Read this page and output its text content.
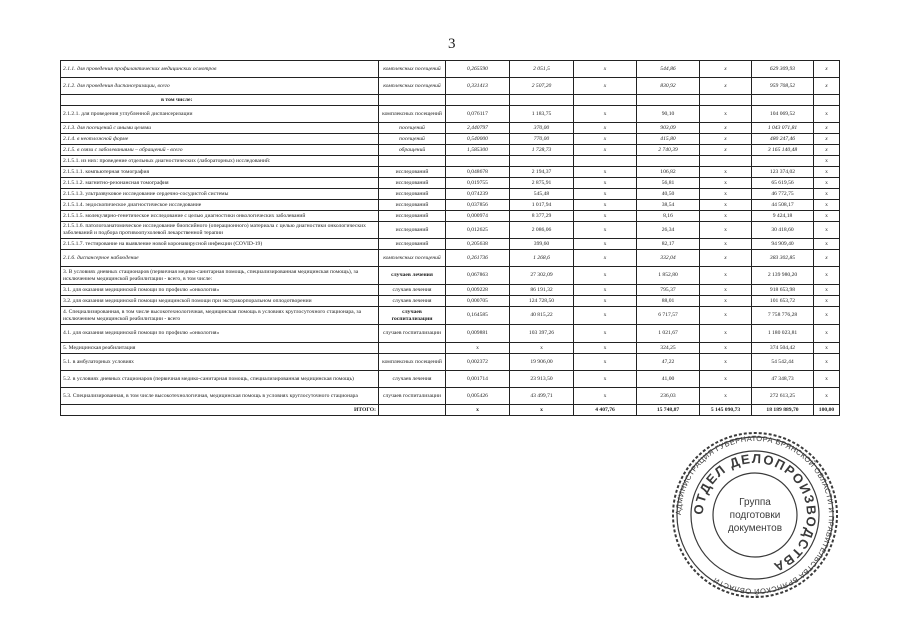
3
2.1.1. для проведения профилактических медицинских осмотров	комплексных посещений	0,265590	2 051,5	x	544,86	x	629 309,93	x
2.1.2. для проведения диспансеризации, всего	комплексных посещений	0,331413	2 507,20	x	830,92	x	959 708,52	x
в том числе:								
2.1.2.1. для проведения углубленной диспансеризации	комплексных посещений	0,076117	1 183,75	x	90,10	x	104 069,52	x
2.1.3. для посещений с иными целями	посещений	2,440797	370,00	x	903,09	x	1 043 071,81	x
2.1.4. в неотложной форме	посещений	0,540000	770,00	x	415,80	x	480 247,46	x
2.1.5. в связи с заболеваниями – обращений - всего	обращений	1,585300	1 728,73	x	2 740,39	x	3 165 140,48	x
2.1.5.1. из них: проведение отдельных диагностических (лабораторных) исследований:								x
2.1.5.1.1. компьютерная томография	исследований	0,048678	2 194,37	x	106,82	x	123 374,02	x
2.1.5.1.2. магнитно-резонансная томография	исследований	0,019755	2 875,91	x	56,81	x	65 619,56	x
2.1.5.1.3. ультразвуковое исследование сердечно-сосудистой системы	исследований	0,074239	545,48	x	40,50	x	46 772,75	x
2.1.5.1.4. эндоскопическое диагностическое исследование	исследований	0,037856	1 017,94	x	38,54	x	44 508,17	x
2.1.5.1.5. молекулярно-генетическое исследование с целью диагностики онкологических заболеваний	исследований	0,000974	8 377,29	x	8,16	x	9 424,18	x
2.1.5.1.6. патологоанатомическое исследование биопсийного (операционного) материала с целью диагностики онкологических заболеваний и подбора противоопухолевой лекарственной терапии	исследований	0,012625	2 086,06	x	26,34	x	30 418,60	x
2.1.5.1.7. тестирование на выявление новой коронавирусной инфекции (COVID-19)	исследований	0,205638	399,60	x	82,17	x	94 909,40	x
2.1.6. диспансерное наблюдение	комплексных посещений	0,261736	1 268,6	x	332,04	x	383 302,85	x
3. В условиях дневных стационаров (первичная медико-санитарная помощь, специализированная медицинская помощь), за исключением медицинской реабилитации - всего, в том числе:	случаев лечения	0,067863	27 302,09	x	1 852,80	x	2 139 980,20	x
3.1. для оказания медицинской помощи по профилю «онкология»	случаев лечения	0,009228	86 191,32	x	795,37	x	918 653,98	x
3.2. для оказания медицинской помощи медицинской помощи при экстракорпоральном оплодотворении	случаев лечения	0,000705	124 728,50	x	88,01	x	101 653,72	x
4. Специализированная, в том числе высокотехнологичная, медицинская помощь в условиях круглосуточного стационара, за исключением медицинской реабилитации - всего	случаев госпитализации	0,164585	40 815,22	x	6 717,57	x	7 758 776,28	x
4.1. для оказания медицинской помощи по профилю «онкология»	случаев госпитализации	0,009881	103 397,26	x	1 021,67	x	1 180 023,81	x
5. Медицинская реабилитация		x	x	x	324,25	x	374 504,42	x
5.1. в амбулаторных условиях	комплексных посещений	0,002372	19 906,00	x	47,22	x	54 542,44	x
5.2. в условиях дневных стационаров (первичная медико-санитарная помощь, специализированная медицинская помощь)	случаев лечения	0,001714	23 913,50	x	41,00	x	47 348,73	x
5.3. Специализированная, в том числе высокотехнологичная, медицинская помощь в условиях круглосуточного стационара	случаев госпитализации	0,005426	43 499,71	x	236,03	x	272 613,25	x
ИТОГО:		x	x	4 407,76	15 748,87	5 145 090,73	18 189 889,70	100,00
АДМИНИСТРАЦИЯ ГУБЕРНАТОРА БРЯНСКОЙ ОБЛАСТИ И ПРАВИТЕЛЬСТВА БРЯНСКОЙ ОБЛАСТИ
ОТДЕЛ ДЕЛОПРОИЗВОДСТВА
Группа
подготовки
документов
